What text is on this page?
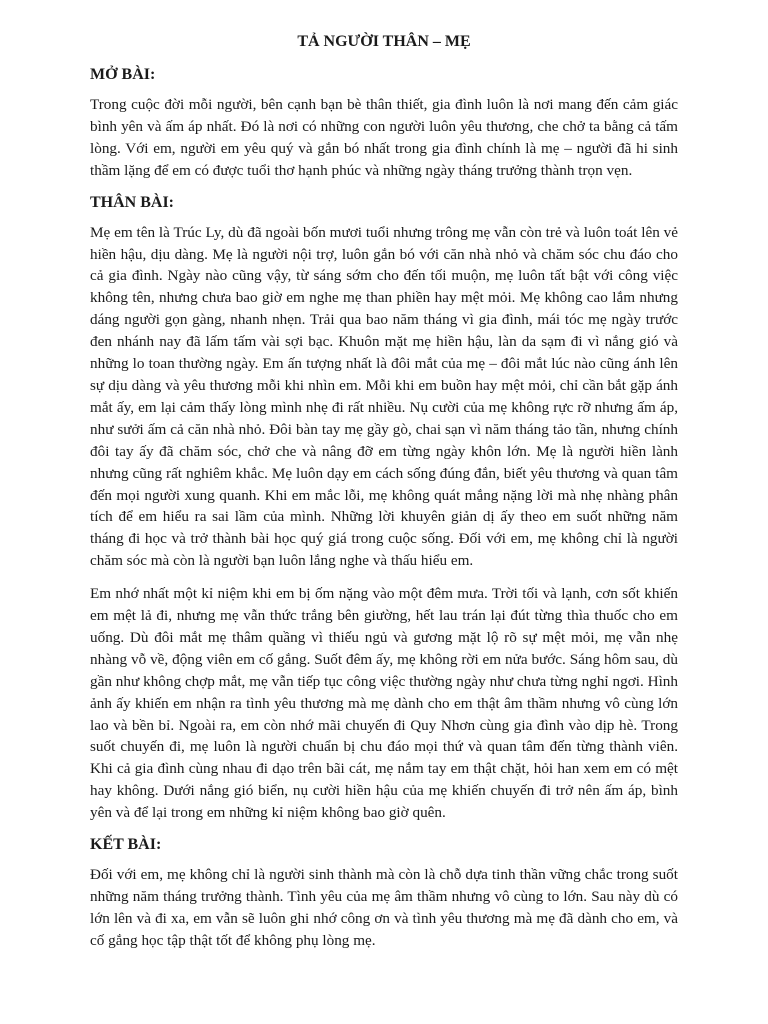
TẢ NGƯỜI THÂN – MẸ
MỞ BÀI:

Trong cuộc đời mỗi người, bên cạnh bạn bè thân thiết, gia đình luôn là nơi mang đến cảm giác bình yên và ấm áp nhất. Đó là nơi có những con người luôn yêu thương, che chở ta bằng cả tấm lòng. Với em, người em yêu quý và gắn bó nhất trong gia đình chính là mẹ – người đã hi sinh thầm lặng để em có được tuổi thơ hạnh phúc và những ngày tháng trưởng thành trọn vẹn.

THÂN BÀI:

Mẹ em tên là Trúc Ly, dù đã ngoài bốn mươi tuổi nhưng trông mẹ vẫn còn trẻ và luôn toát lên vẻ hiền hậu, dịu dàng. Mẹ là người nội trợ, luôn gắn bó với căn nhà nhỏ và chăm sóc chu đáo cho cả gia đình. Ngày nào cũng vậy, từ sáng sớm cho đến tối muộn, mẹ luôn tất bật với công việc không tên, nhưng chưa bao giờ em nghe mẹ than phiền hay mệt mỏi. Mẹ không cao lắm nhưng dáng người gọn gàng, nhanh nhẹn. Trải qua bao năm tháng vì gia đình, mái tóc mẹ ngày trước đen nhánh nay đã lấm tấm vài sợi bạc. Khuôn mặt mẹ hiền hậu, làn da sạm đi vì nắng gió và những lo toan thường ngày. Em ấn tượng nhất là đôi mắt của mẹ – đôi mắt lúc nào cũng ánh lên sự dịu dàng và yêu thương mỗi khi nhìn em. Mỗi khi em buồn hay mệt mỏi, chỉ cần bắt gặp ánh mắt ấy, em lại cảm thấy lòng mình nhẹ đi rất nhiều. Nụ cười của mẹ không rực rỡ nhưng ấm áp, như sưởi ấm cả căn nhà nhỏ. Đôi bàn tay mẹ gầy gò, chai sạn vì năm tháng tảo tần, nhưng chính đôi tay ấy đã chăm sóc, chở che và nâng đỡ em từng ngày khôn lớn. Mẹ là người hiền lành nhưng cũng rất nghiêm khắc. Mẹ luôn dạy em cách sống đúng đắn, biết yêu thương và quan tâm đến mọi người xung quanh. Khi em mắc lỗi, mẹ không quát mắng nặng lời mà nhẹ nhàng phân tích để em hiểu ra sai lầm của mình. Những lời khuyên giản dị ấy theo em suốt những năm tháng đi học và trở thành bài học quý giá trong cuộc sống. Đối với em, mẹ không chỉ là người chăm sóc mà còn là người bạn luôn lắng nghe và thấu hiểu em.

Em nhớ nhất một kỉ niệm khi em bị ốm nặng vào một đêm mưa. Trời tối và lạnh, cơn sốt khiến em mệt lả đi, nhưng mẹ vẫn thức trắng bên giường, hết lau trán lại đút từng thìa thuốc cho em uống. Dù đôi mắt mẹ thâm quầng vì thiếu ngủ và gương mặt lộ rõ sự mệt mỏi, mẹ vẫn nhẹ nhàng vỗ về, động viên em cố gắng. Suốt đêm ấy, mẹ không rời em nửa bước. Sáng hôm sau, dù gần như không chợp mắt, mẹ vẫn tiếp tục công việc thường ngày như chưa từng nghỉ ngơi. Hình ảnh ấy khiến em nhận ra tình yêu thương mà mẹ dành cho em thật âm thầm nhưng vô cùng lớn lao và bền bỉ. Ngoài ra, em còn nhớ mãi chuyến đi Quy Nhơn cùng gia đình vào dịp hè. Trong suốt chuyến đi, mẹ luôn là người chuẩn bị chu đáo mọi thứ và quan tâm đến từng thành viên. Khi cả gia đình cùng nhau đi dạo trên bãi cát, mẹ nắm tay em thật chặt, hỏi han xem em có mệt hay không. Dưới nắng gió biển, nụ cười hiền hậu của mẹ khiến chuyến đi trở nên ấm áp, bình yên và để lại trong em những kỉ niệm không bao giờ quên.

KẾT BÀI:

Đối với em, mẹ không chỉ là người sinh thành mà còn là chỗ dựa tinh thần vững chắc trong suốt những năm tháng trưởng thành. Tình yêu của mẹ âm thầm nhưng vô cùng to lớn. Sau này dù có lớn lên và đi xa, em vẫn sẽ luôn ghi nhớ công ơn và tình yêu thương mà mẹ đã dành cho em, và cố gắng học tập thật tốt để không phụ lòng mẹ.
